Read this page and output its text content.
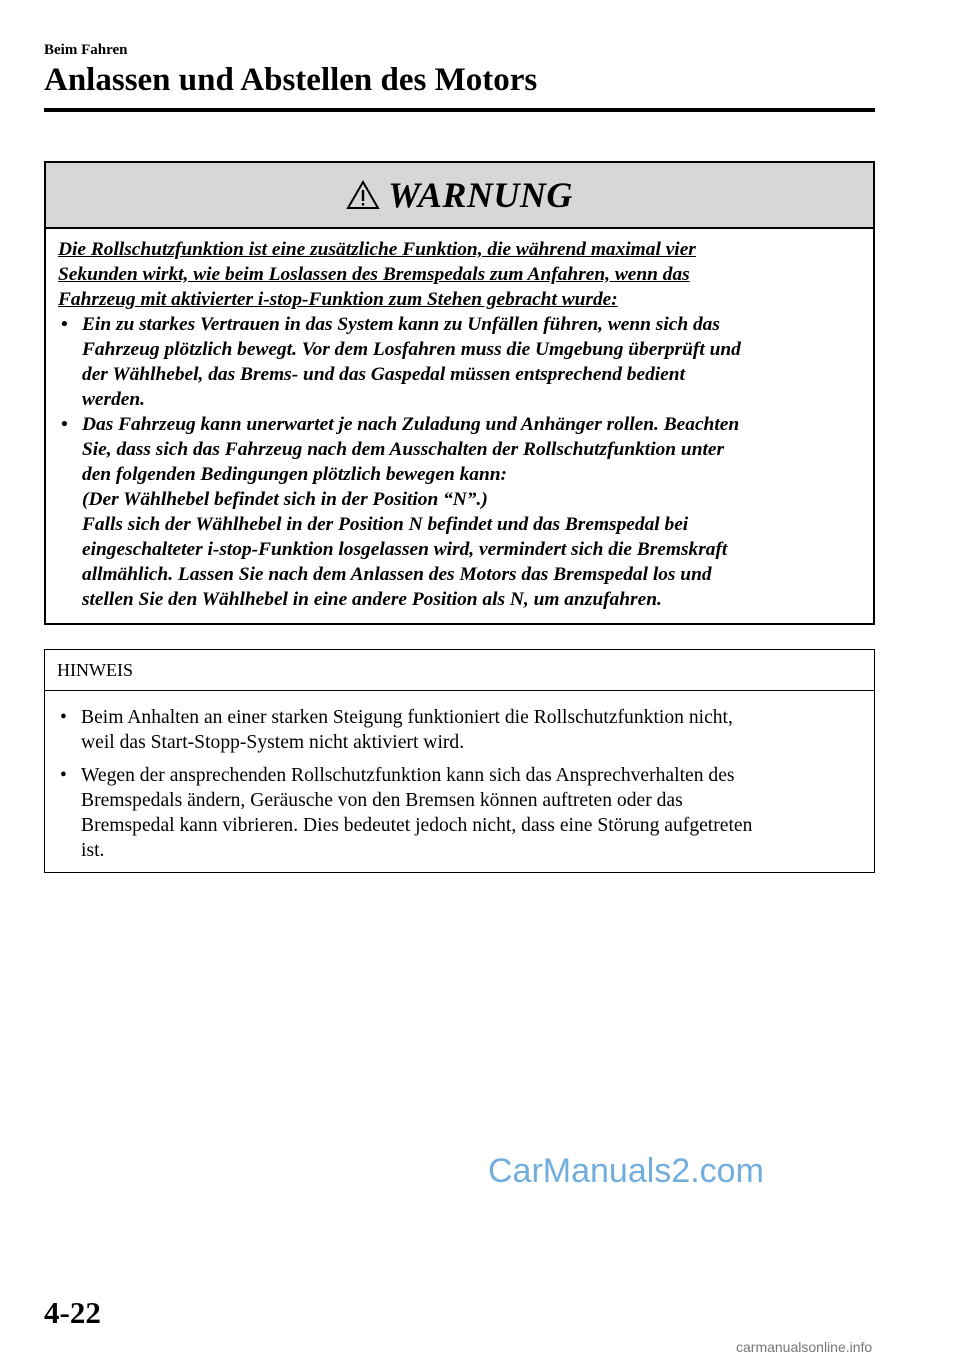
Beim Fahren
Anlassen und Abstellen des Motors
WARNUNG
Die Rollschutzfunktion ist eine zusätzliche Funktion, die während maximal vier
Sekunden wirkt, wie beim Loslassen des Bremspedals zum Anfahren, wenn das
Fahrzeug mit aktivierter i-stop-Funktion zum Stehen gebracht wurde:
• Ein zu starkes Vertrauen in das System kann zu Unfällen führen, wenn sich das
Fahrzeug plötzlich bewegt. Vor dem Losfahren muss die Umgebung überprüft und
der Wählhebel, das Brems- und das Gaspedal müssen entsprechend bedient
werden.
• Das Fahrzeug kann unerwartet je nach Zuladung und Anhänger rollen. Beachten
Sie, dass sich das Fahrzeug nach dem Ausschalten der Rollschutzfunktion unter
den folgenden Bedingungen plötzlich bewegen kann:
(Der Wählhebel befindet sich in der Position “N”.)
Falls sich der Wählhebel in der Position N befindet und das Bremspedal bei
eingeschalteter i-stop-Funktion losgelassen wird, vermindert sich die Bremskraft
allmählich. Lassen Sie nach dem Anlassen des Motors das Bremspedal los und
stellen Sie den Wählhebel in eine andere Position als N, um anzufahren.
HINWEIS
• Beim Anhalten an einer starken Steigung funktioniert die Rollschutzfunktion nicht,
weil das Start-Stopp-System nicht aktiviert wird.
• Wegen der ansprechenden Rollschutzfunktion kann sich das Ansprechverhalten des
Bremspedals ändern, Geräusche von den Bremsen können auftreten oder das
Bremspedal kann vibrieren. Dies bedeutet jedoch nicht, dass eine Störung aufgetreten
ist.
CarManuals2.com
4-22
carmanualsonline.info
